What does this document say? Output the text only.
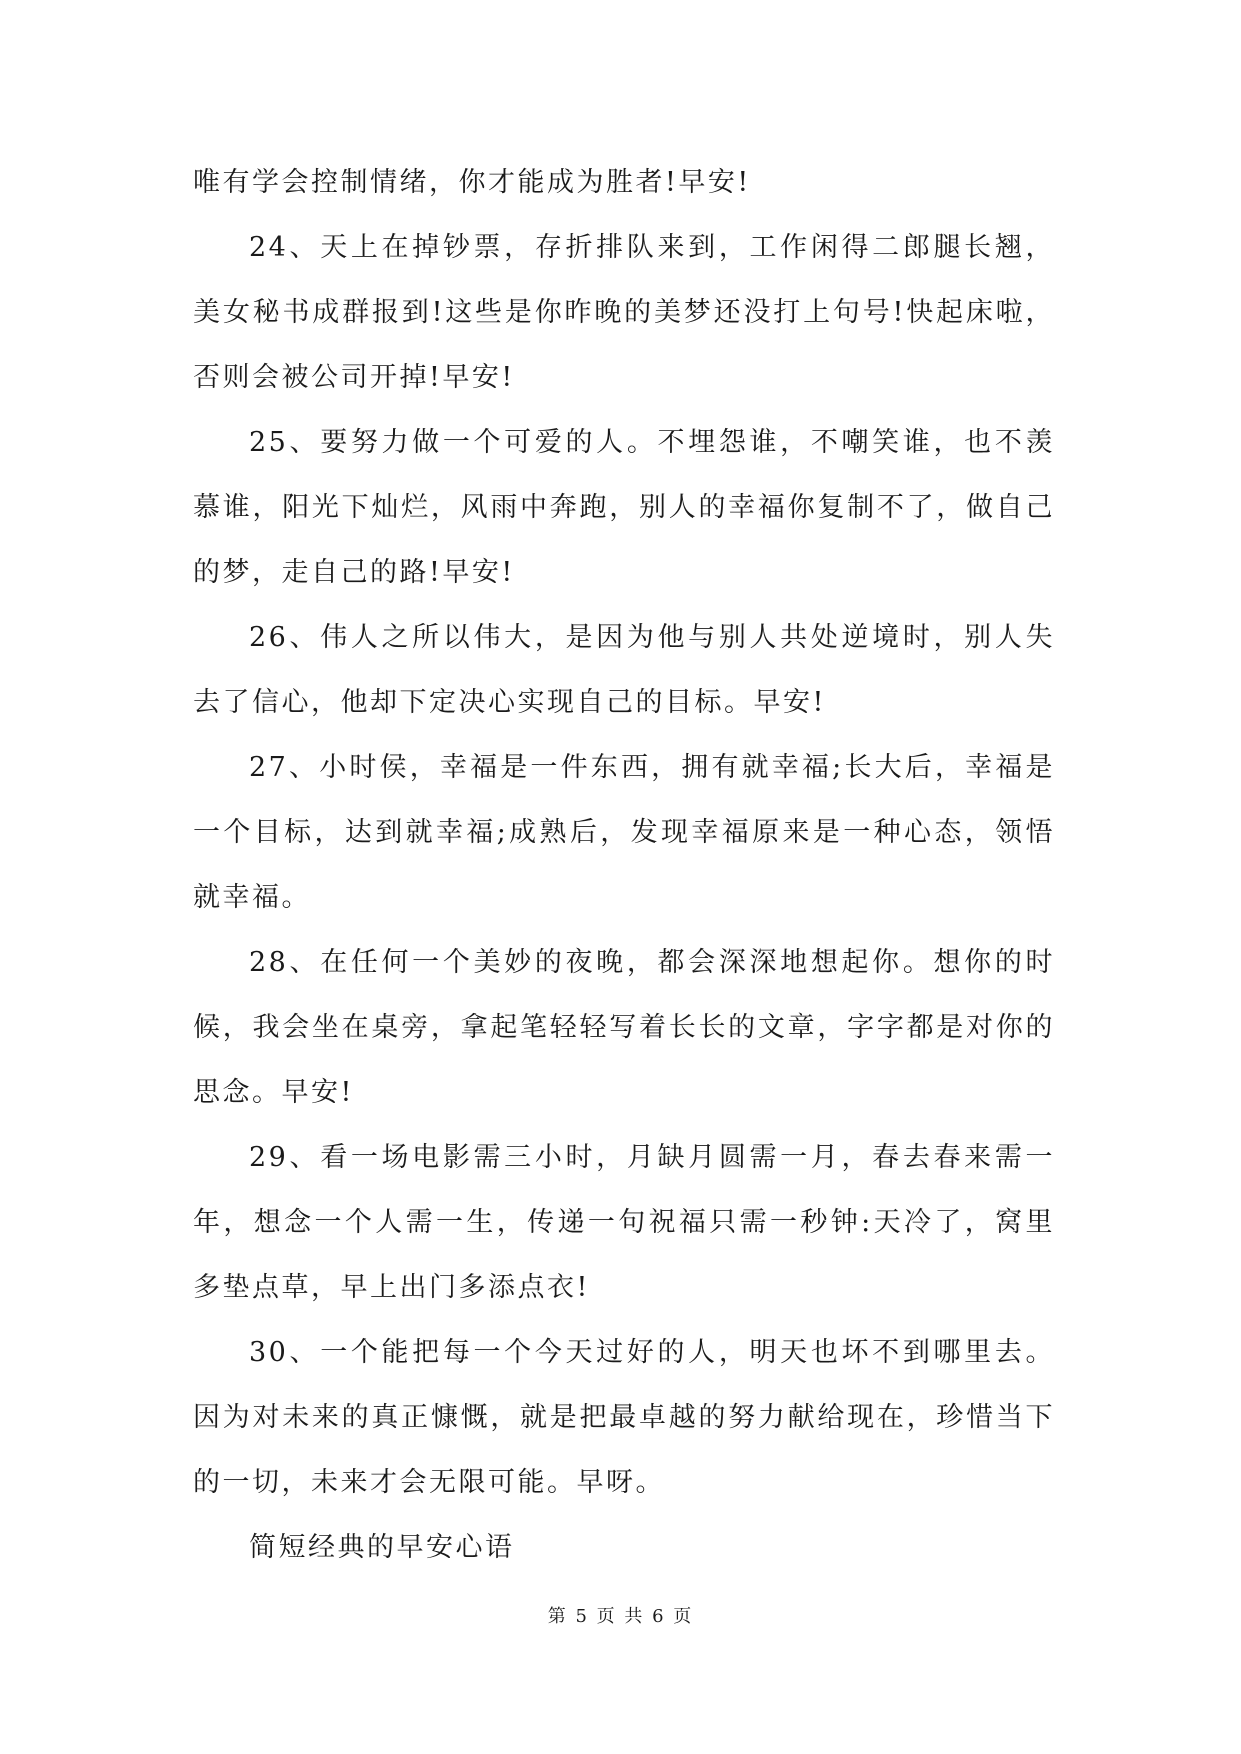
唯有学会控制情绪，你才能成为胜者!早安!

24、天上在掉钞票，存折排队来到，工作闲得二郎腿长翘，美女秘书成群报到!这些是你昨晚的美梦还没打上句号!快起床啦，否则会被公司开掉!早安!

25、要努力做一个可爱的人。不埋怨谁，不嘲笑谁，也不羡慕谁，阳光下灿烂，风雨中奔跑，别人的幸福你复制不了，做自己的梦，走自己的路!早安!

26、伟人之所以伟大，是因为他与别人共处逆境时，别人失去了信心，他却下定决心实现自己的目标。早安!

27、小时侯，幸福是一件东西，拥有就幸福;长大后，幸福是一个目标，达到就幸福;成熟后，发现幸福原来是一种心态，领悟就幸福。

28、在任何一个美妙的夜晚，都会深深地想起你。想你的时候，我会坐在桌旁，拿起笔轻轻写着长长的文章，字字都是对你的思念。早安!

29、看一场电影需三小时，月缺月圆需一月，春去春来需一年，想念一个人需一生，传递一句祝福只需一秒钟:天冷了，窝里多垫点草，早上出门多添点衣!

30、一个能把每一个今天过好的人，明天也坏不到哪里去。因为对未来的真正慷慨，就是把最卓越的努力献给现在，珍惜当下的一切，未来才会无限可能。早呀。

简短经典的早安心语

第 5 页 共 6 页
